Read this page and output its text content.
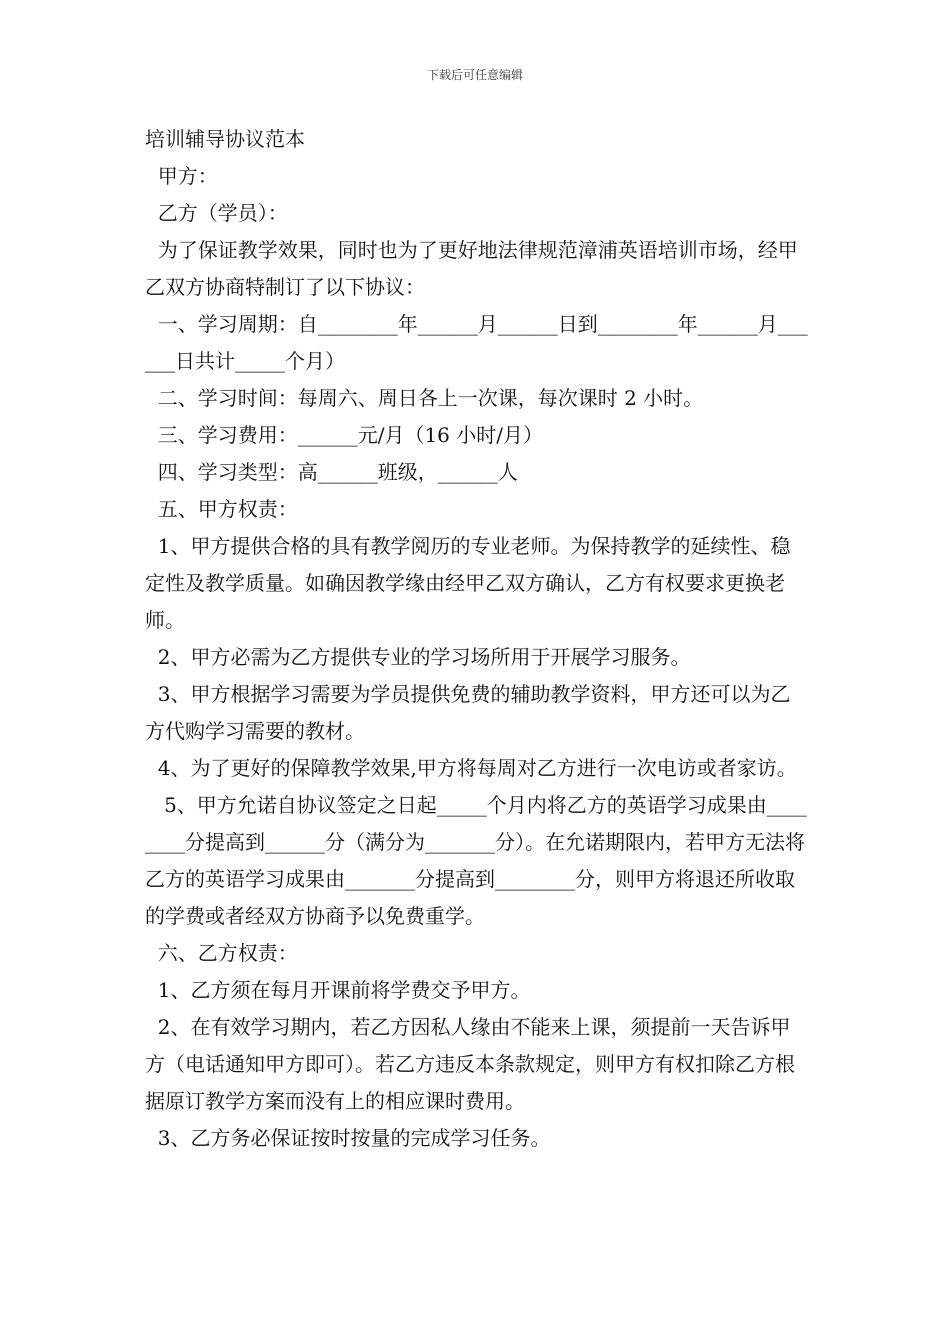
下载后可任意编辑

培训辅导协议范本

甲方：

乙方（学员）：

为了保证教学效果，同时也为了更好地法律规范漳浦英语培训市场，经甲乙双方协商特制订了以下协议：

一、学习周期：自________年______月______日到________年______月______日共计_____个月）

二、学习时间：每周六、周日各上一次课，每次课时 2 小时。

三、学习费用：______元/月（16 小时/月）

四、学习类型：高______班级，______人

五、甲方权责：

1、甲方提供合格的具有教学阅历的专业老师。为保持教学的延续性、稳定性及教学质量。如确因教学缘由经甲乙双方确认，乙方有权要求更换老师。

2、甲方必需为乙方提供专业的学习场所用于开展学习服务。

3、甲方根据学习需要为学员提供免费的辅助教学资料，甲方还可以为乙方代购学习需要的教材。

4、为了更好的保障教学效果,甲方将每周对乙方进行一次电访或者家访。

5、甲方允诺自协议签定之日起_____个月内将乙方的英语学习成果由________分提高到______分（满分为_______分）。在允诺期限内，若甲方无法将乙方的英语学习成果由_______分提高到________分，则甲方将退还所收取的学费或者经双方协商予以免费重学。

六、乙方权责：

1、乙方须在每月开课前将学费交予甲方。

2、在有效学习期内，若乙方因私人缘由不能来上课，须提前一天告诉甲方（电话通知甲方即可）。若乙方违反本条款规定，则甲方有权扣除乙方根据原订教学方案而没有上的相应课时费用。

3、乙方务必保证按时按量的完成学习任务。
